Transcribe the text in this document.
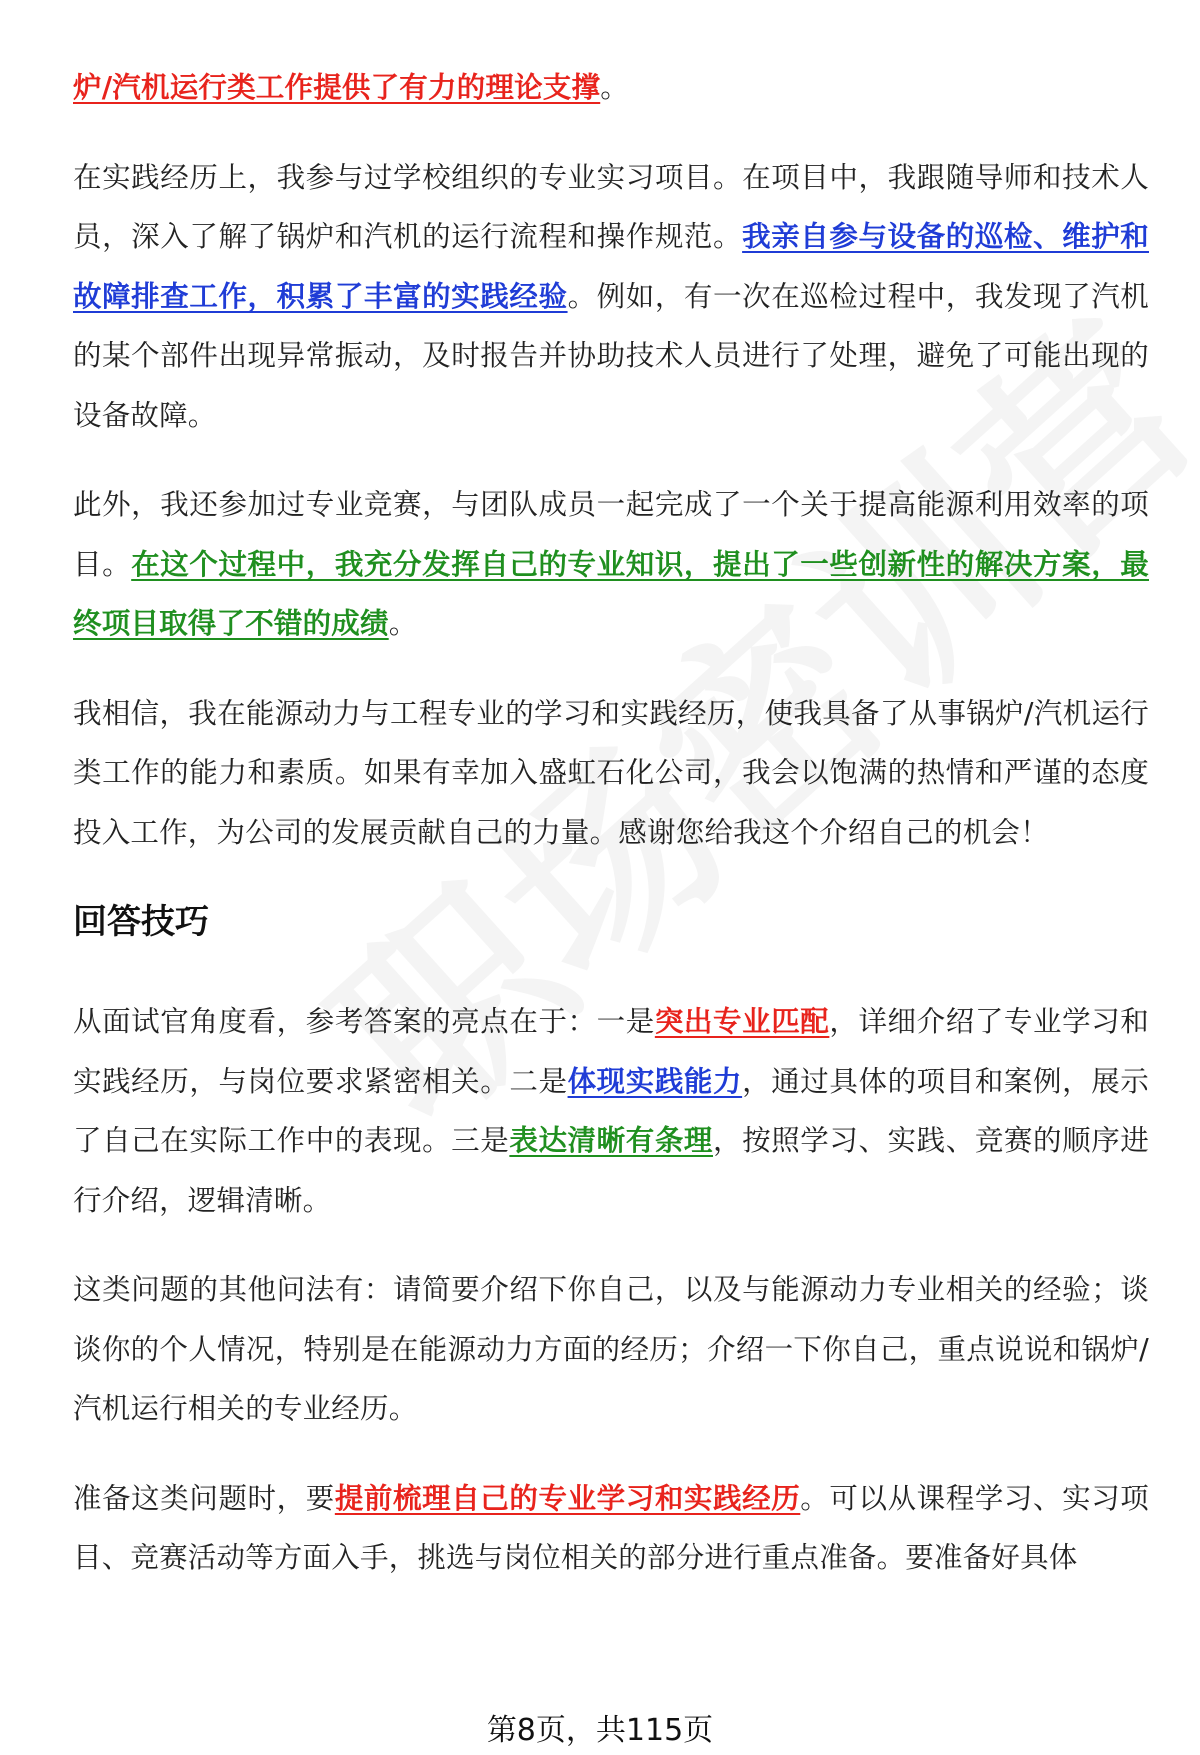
炉/汽机运行类工作提供了有力的理论支撑。

在实践经历上，我参与过学校组织的专业实习项目。在项目中，我跟随导师和技术人员，深入了解了锅炉和汽机的运行流程和操作规范。我亲自参与设备的巡检、维护和故障排查工作，积累了丰富的实践经验。例如，有一次在巡检过程中，我发现了汽机的某个部件出现异常振动，及时报告并协助技术人员进行了处理，避免了可能出现的设备故障。

此外，我还参加过专业竞赛，与团队成员一起完成了一个关于提高能源利用效率的项目。在这个过程中，我充分发挥自己的专业知识，提出了一些创新性的解决方案，最终项目取得了不错的成绩。

我相信，我在能源动力与工程专业的学习和实践经历，使我具备了从事锅炉/汽机运行类工作的能力和素质。如果有幸加入盛虹石化公司，我会以饱满的热情和严谨的态度投入工作，为公司的发展贡献自己的力量。感谢您给我这个介绍自己的机会！

回答技巧

从面试官角度看，参考答案的亮点在于：一是突出专业匹配，详细介绍了专业学习和实践经历，与岗位要求紧密相关。二是体现实践能力，通过具体的项目和案例，展示了自己在实际工作中的表现。三是表达清晰有条理，按照学习、实践、竞赛的顺序进行介绍，逻辑清晰。

这类问题的其他问法有：请简要介绍下你自己，以及与能源动力专业相关的经验；谈谈你的个人情况，特别是在能源动力方面的经历；介绍一下你自己，重点说说和锅炉/汽机运行相关的专业经历。

准备这类问题时，要提前梳理自己的专业学习和实践经历。可以从课程学习、实习项目、竞赛活动等方面入手，挑选与岗位相关的部分进行重点准备。要准备好具体

第8页，共115页
